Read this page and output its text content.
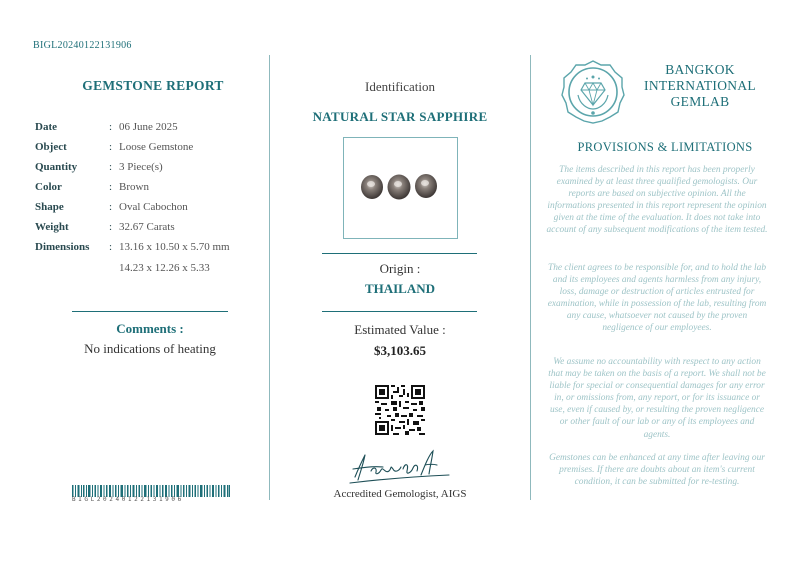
BIGL20240122131906
GEMSTONE REPORT
Date	: 06 June 2025
Object	: Loose Gemstone
Quantity	: 3 Piece(s)
Color	: Brown
Shape	: Oval Cabochon
Weight	: 32.67 Carats
Dimensions	: 13.16 x 10.50 x 5.70 mm
14.23 x 12.26 x 5.33
Comments :
No indications of heating
BIGL20240122131906
Identification
NATURAL STAR SAPPHIRE
Origin :
THAILAND
Estimated Value :
$3,103.65
Accredited Gemologist, AIGS
BANGKOK
INTERNATIONAL
GEMLAB
PROVISIONS & LIMITATIONS
The items described in this report has been properly examined by at least three qualified gemologists. Our reports are based on subjective opinion. All the informations presented in this report represent the opinion given at the time of the evaluation. It does not take into account of any subsequent modifications of the item tested.
The client agrees to be responsible for, and to hold the lab and its employees and agents harmless from any injury, loss, damage or destruction of articles entrusted for examination, while in possession of the lab, resulting from any cause, whatsoever not caused by the proven negligence of our employees.
We assume no accountability with respect to any action that may be taken on the basis of a report. We shall not be liable for special or consequential damages for any error in, or omissions from, any report, or for its issuance or use, even if caused by, or resulting the proven negligence or other fault of our lab or any of its employees and agents.
Gemstones can be enhanced at any time after leaving our premises. If there are doubts about an item's current condition, it can be submitted for re-testing.
